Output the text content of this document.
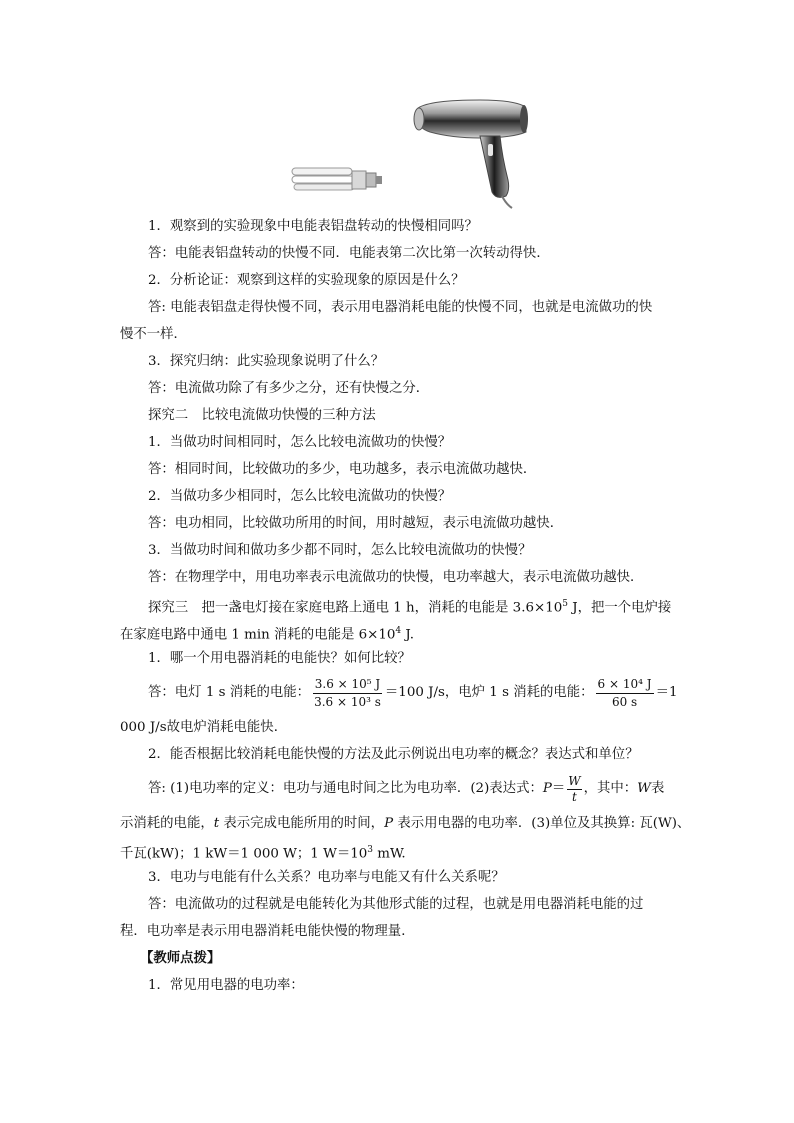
1．观察到的实验现象中电能表铝盘转动的快慢相同吗？
答：电能表铝盘转动的快慢不同．电能表第二次比第一次转动得快．
2．分析论证：观察到这样的实验现象的原因是什么？
答: 电能表铝盘走得快慢不同，表示用电器消耗电能的快慢不同，也就是电流做功的快
慢不一样．
3．探究归纳：此实验现象说明了什么？
答：电流做功除了有多少之分，还有快慢之分．
探究二　比较电流做功快慢的三种方法
1．当做功时间相同时，怎么比较电流做功的快慢？
答：相同时间，比较做功的多少，电功越多，表示电流做功越快．
2．当做功多少相同时，怎么比较电流做功的快慢？
答：电功相同，比较做功所用的时间，用时越短，表示电流做功越快．
3．当做功时间和做功多少都不同时，怎么比较电流做功的快慢？
答：在物理学中，用电功率表示电流做功的快慢，电功率越大，表示电流做功越快．
探究三　把一盏电灯接在家庭电路上通电 1 h，消耗的电能是 $3.6\times 10^5$ J，把一个电炉接
在家庭电路中通电 1 min 消耗的电能是 $6\times 10^4$ J.
1．哪一个用电器消耗的电能快？如何比较？
答：电灯 1 s 消耗的电能： $\frac{\text{3.6 × 10⁵ J}}{\text{3.6 × 10³ s}} =100$ J/s，电炉 1 s 消耗的电能： $\frac{\text{6 × 10⁴ J}}{60 s} =1$
000 J/s故电炉消耗电能快．
2．能否根据比较消耗电能快慢的方法及此示例说出电功率的概念？表达式和单位？
答: (1)电功率的定义：电功与通电时间之比为电功率．(2)表达式： $P = \frac{W}{t}$ ，其中： W 表
示消耗的电能，t 表示完成电能所用的时间，P 表示用电器的电功率．(3)单位及其换算: 瓦(W)、
千瓦(kW)；1 kW＝1 000 W；1 $W=10^3$ mW.
3．电功与电能有什么关系？电功率与电能又有什么关系呢？
答：电流做功的过程就是电能转化为其他形式能的过程，也就是用电器消耗电能的过
程．电功率是表示用电器消耗电能快慢的物理量．
【教师点拨】
1．常见用电器的电功率：
